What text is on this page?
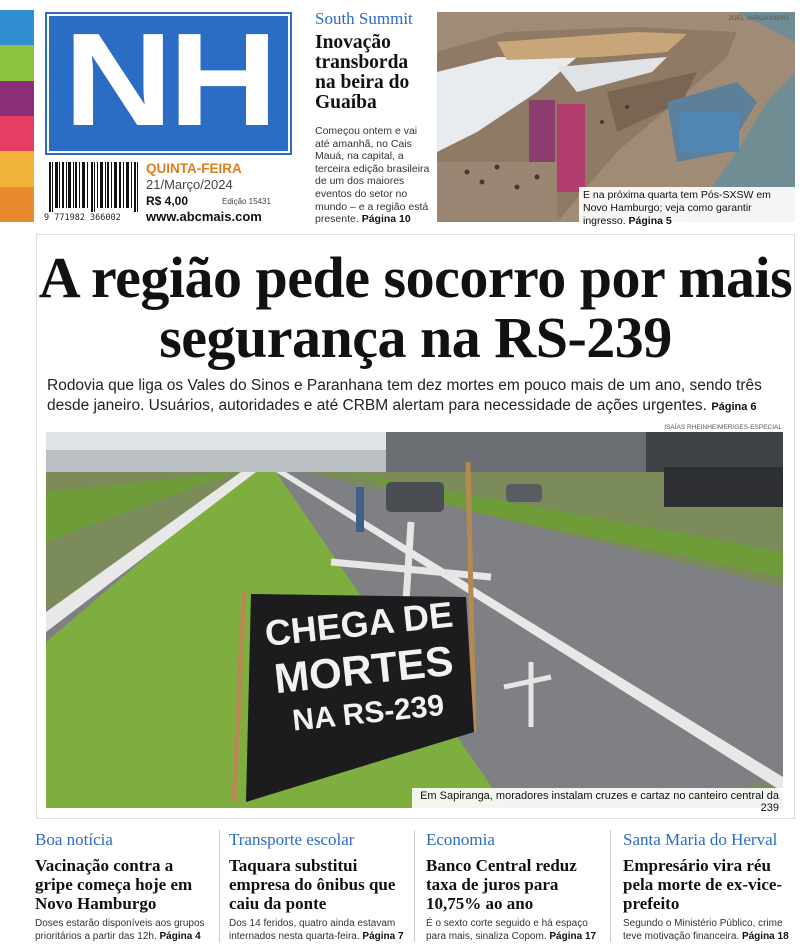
NH
9 771982 366002
QUINTA-FEIRA
21/Março/2024
R$ 4,00	Edição 15431
www.abcmais.com
South Summit
Inovação transborda na beira do Guaíba
Começou ontem e vai até amanhã, no Cais Mauá, na capital, a terceira edição brasileira de um dos maiores eventos do setor no mundo – e a região está presente. Página 10
JOEL VARGAS/GVG
E na próxima quarta tem Pós-SXSW em Novo Hamburgo; veja como garantir ingresso. Página 5
A região pede socorro por mais segurança na RS-239
Rodovia que liga os Vales do Sinos e Paranhana tem dez mortes em pouco mais de um ano, sendo três desde janeiro. Usuários, autoridades e até CRBM alertam para necessidade de ações urgentes. Página 6
ISAÍAS RHEINHEIMER/GES-ESPECIAL
CHEGA DE
MORTES
NA RS-239
Em Sapiranga, moradores instalam cruzes e cartaz no canteiro central da 239
Boa notícia
Vacinação contra a gripe começa hoje em Novo Hamburgo
Doses estarão disponíveis aos grupos prioritários a partir das 12h. Página 4
Transporte escolar
Taquara substitui empresa do ônibus que caiu da ponte
Dos 14 feridos, quatro ainda estavam internados nesta quarta-feira. Página 7
Economia
Banco Central reduz taxa de juros para 10,75% ao ano
É o sexto corte seguido e há espaço para mais, sinaliza Copom. Página 17
Santa Maria do Herval
Empresário vira réu pela morte de ex-vice-prefeito
Segundo o Ministério Público, crime teve motivação financeira. Página 18
